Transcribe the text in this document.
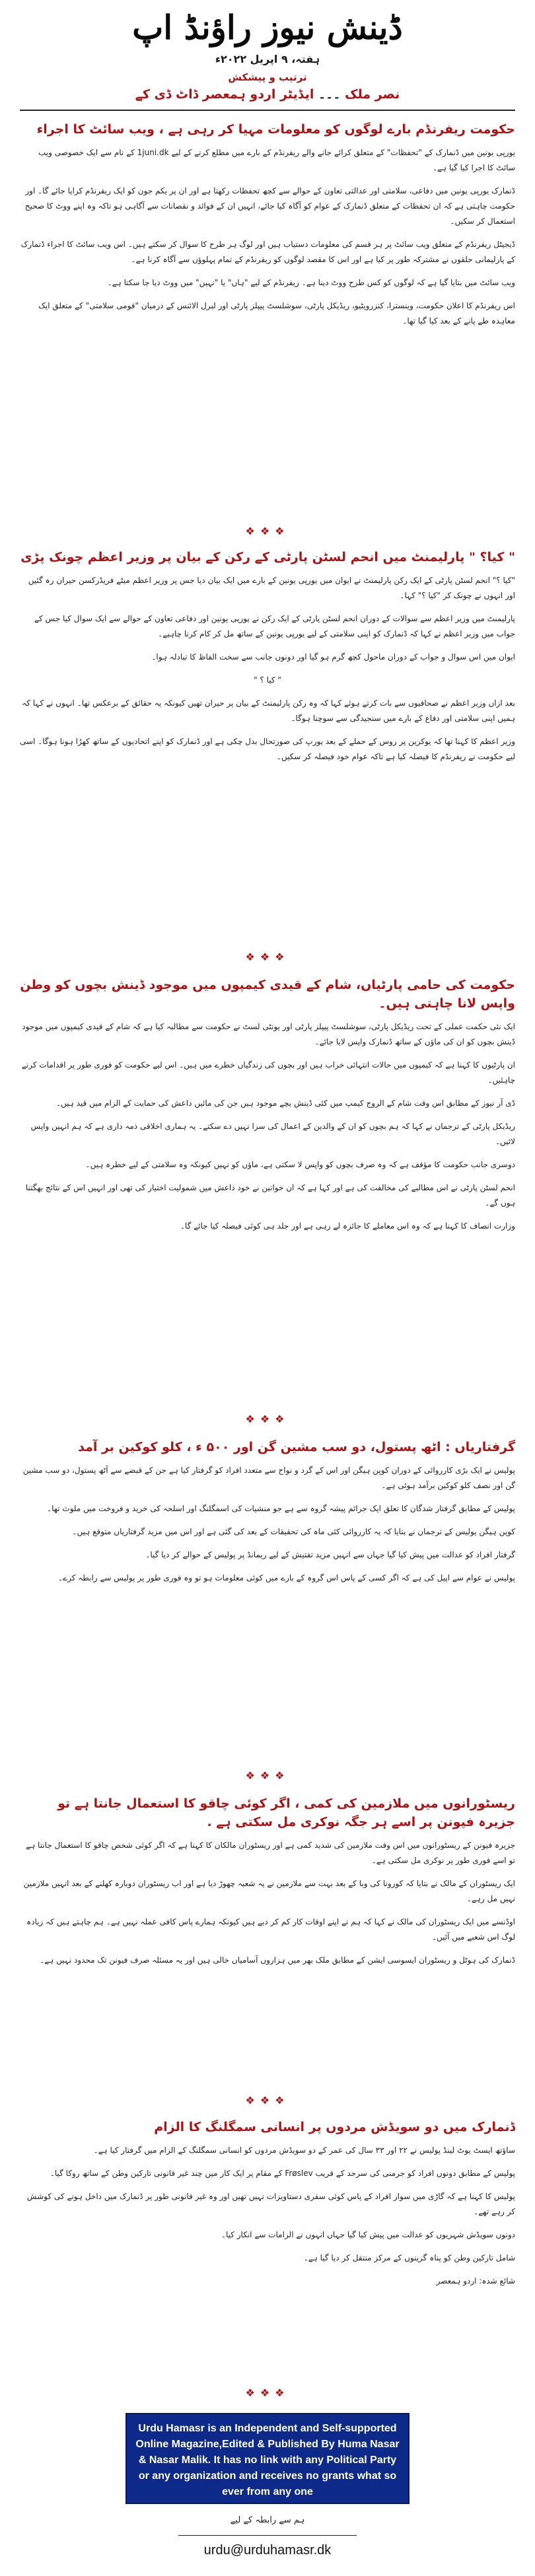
ڈینش نیوز راؤنڈ اپ
ہفتہ، ۹ اپریل ۲۰۲۲ء
ترتیب و پیشکش
نصر ملک ۔۔۔ ایڈیٹر اردو ہمعصر ڈاٹ ڈی کے
حکومت ریفرنڈم بارے لوگوں کو معلومات مہیا کر رہی ہے ، ویب سائٹ کا اجراء

یورپی یونین میں ڈنمارک کے "تحفظات" کے متعلق کرائے جانے والے ریفرنڈم کے بارے میں مطلع کرنے کے لیے 1juni.dk کے نام سے ایک خصوصی ویب سائٹ کا اجرا کیا گیا ہے۔

ڈنمارک یورپی یونین میں دفاعی، سلامتی اور عدالتی تعاون کے حوالے سے کچھ تحفظات رکھتا ہے اور ان پر یکم جون کو ایک ریفرنڈم کرایا جائے گا۔ اور حکومت چاہتی ہے کہ ان تحفظات کے متعلق ڈنمارک کے عوام کو آگاہ کیا جائے، انہیں ان کے فوائد و نقصانات سے آگاہی ہو تاکہ وہ اپنے ووٹ کا صحیح استعمال کر سکیں۔

ڈیجیٹل ریفرنڈم کے متعلق ویب سائٹ پر ہر قسم کی معلومات دستیاب ہیں اور لوگ ہر طرح کا سوال کر سکتے ہیں۔ اس ویب سائٹ کا اجراء ڈنمارک کے پارلیمانی حلقوں نے مشترکہ طور پر کیا ہے اور اس کا مقصد لوگوں کو ریفرنڈم کے تمام پہلوؤں سے آگاہ کرنا ہے۔

ویب سائٹ میں بتایا گیا ہے کہ لوگوں کو کس طرح ووٹ دینا ہے۔ ریفرنڈم کے لیے "ہاں" یا "نہیں" میں ووٹ دیا جا سکتا ہے۔

اس ریفرنڈم کا اعلان حکومت، وینسترا، کنزرویٹیو، ریڈیکل پارٹی، سوشلسٹ پیپلز پارٹی اور لبرل الائنس کے درمیان "قومی سلامتی" کے متعلق ایک معاہدہ طے پانے کے بعد کیا گیا تھا۔

❖❖❖
" کیا؟ " پارلیمنٹ میں انحم لسٹن پارٹی کے رکن کے بیان پر وزیر اعظم چونک پڑی

"کیا ؟" انحم لسٹن پارٹی کے ایک رکن پارلیمنٹ نے ایوان میں یورپی یونین کے بارے میں ایک بیان دیا جس پر وزیر اعظم میٹے فریڈرکسن حیران رہ گئیں اور انہوں نے چونک کر "کیا ؟" کہا۔

پارلیمنٹ میں وزیر اعظم سے سوالات کے دوران انحم لسٹن پارٹی کے ایک رکن نے یورپی یونین اور دفاعی تعاون کے حوالے سے ایک سوال کیا جس کے جواب میں وزیر اعظم نے کہا کہ ڈنمارک کو اپنی سلامتی کے لیے یورپی یونین کے ساتھ مل کر کام کرنا چاہیے۔

ایوان میں اس سوال و جواب کے دوران ماحول کچھ گرم ہو گیا اور دونوں جانب سے سخت الفاظ کا تبادلہ ہوا۔

" کیا ؟ "

بعد ازاں وزیر اعظم نے صحافیوں سے بات کرتے ہوئے کہا کہ وہ رکن پارلیمنٹ کے بیان پر حیران تھیں کیونکہ یہ حقائق کے برعکس تھا۔ انہوں نے کہا کہ ہمیں اپنی سلامتی اور دفاع کے بارے میں سنجیدگی سے سوچنا ہوگا۔

وزیر اعظم کا کہنا تھا کہ یوکرین پر روس کے حملے کے بعد یورپ کی صورتحال بدل چکی ہے اور ڈنمارک کو اپنے اتحادیوں کے ساتھ کھڑا ہونا ہوگا۔ اسی لیے حکومت نے ریفرنڈم کا فیصلہ کیا ہے تاکہ عوام خود فیصلہ کر سکیں۔

❖❖❖
حکومت کی حامی پارٹیاں، شام کے قیدی کیمپوں میں موجود ڈینش بچوں کو وطن واپس لانا چاہتی ہیں۔

ایک نئی حکمت عملی کے تحت ریڈیکل پارٹی، سوشلسٹ پیپلز پارٹی اور یونٹی لسٹ نے حکومت سے مطالبہ کیا ہے کہ شام کے قیدی کیمپوں میں موجود ڈینش بچوں کو ان کی ماؤں کے ساتھ ڈنمارک واپس لایا جائے۔

ان پارٹیوں کا کہنا ہے کہ کیمپوں میں حالات انتہائی خراب ہیں اور بچوں کی زندگیاں خطرے میں ہیں۔ اس لیے حکومت کو فوری طور پر اقدامات کرنے چاہئیں۔

ڈی آر نیوز کے مطابق اس وقت شام کے الروج کیمپ میں کئی ڈینش بچے موجود ہیں جن کی مائیں داعش کی حمایت کے الزام میں قید ہیں۔

ریڈیکل پارٹی کے ترجمان نے کہا کہ ہم بچوں کو ان کے والدین کے اعمال کی سزا نہیں دے سکتے۔ یہ ہماری اخلاقی ذمہ داری ہے کہ ہم انہیں واپس لائیں۔

دوسری جانب حکومت کا مؤقف ہے کہ وہ صرف بچوں کو واپس لا سکتی ہے، ماؤں کو نہیں کیونکہ وہ سلامتی کے لیے خطرہ ہیں۔

انحم لسٹن پارٹی نے اس مطالبے کی مخالفت کی ہے اور کہا ہے کہ ان خواتین نے خود داعش میں شمولیت اختیار کی تھی اور انہیں اس کے نتائج بھگتنا ہوں گے۔

وزارت انصاف کا کہنا ہے کہ وہ اس معاملے کا جائزہ لے رہی ہے اور جلد ہی کوئی فیصلہ کیا جائے گا۔

❖❖❖
گرفتاریاں : اٹھ پستول، دو سب مشین گن اور ۵۰۰ ء ، کلو کوکین بر آمد

پولیس نے ایک بڑی کارروائی کے دوران کوپن ہیگن اور اس کے گرد و نواح سے متعدد افراد کو گرفتار کیا ہے جن کے قبضے سے آٹھ پستول، دو سب مشین گن اور نصف کلو کوکین برآمد ہوئی ہے۔

پولیس کے مطابق گرفتار شدگان کا تعلق ایک جرائم پیشہ گروہ سے ہے جو منشیات کی اسمگلنگ اور اسلحہ کی خرید و فروخت میں ملوث تھا۔

کوپن ہیگن پولیس کے ترجمان نے بتایا کہ یہ کارروائی کئی ماہ کی تحقیقات کے بعد کی گئی ہے اور اس میں مزید گرفتاریاں متوقع ہیں۔

گرفتار افراد کو عدالت میں پیش کیا گیا جہاں سے انہیں مزید تفتیش کے لیے ریمانڈ پر پولیس کے حوالے کر دیا گیا۔

پولیس نے عوام سے اپیل کی ہے کہ اگر کسی کے پاس اس گروہ کے بارے میں کوئی معلومات ہو تو وہ فوری طور پر پولیس سے رابطہ کرے۔

❖❖❖
ریسٹورانوں میں ملازمین کی کمی ، اگر کوئی چاقو کا استعمال جانتا ہے تو جزیرہ فیونن پر اسے ہر جگہ نوکری مل سکتی ہے .

جزیرہ فیونن کے ریسٹورانوں میں اس وقت ملازمین کی شدید کمی ہے اور ریسٹوران مالکان کا کہنا ہے کہ اگر کوئی شخص چاقو کا استعمال جانتا ہے تو اسے فوری طور پر نوکری مل سکتی ہے۔

ایک ریسٹوران کے مالک نے بتایا کہ کورونا کی وبا کے بعد بہت سے ملازمین نے یہ شعبہ چھوڑ دیا ہے اور اب ریسٹوران دوبارہ کھلنے کے بعد انہیں ملازمین نہیں مل رہے۔

اوڈنسے میں ایک ریسٹوران کی مالک نے کہا کہ ہم نے اپنے اوقات کار کم کر دیے ہیں کیونکہ ہمارے پاس کافی عملہ نہیں ہے۔ ہم چاہتے ہیں کہ زیادہ لوگ اس شعبے میں آئیں۔

ڈنمارک کی ہوٹل و ریسٹوران ایسوسی ایشن کے مطابق ملک بھر میں ہزاروں آسامیاں خالی ہیں اور یہ مسئلہ صرف فیونن تک محدود نہیں ہے۔

❖❖❖
ڈنمارک میں دو سویڈش مردوں پر انسانی سمگلنگ کا الزام

ساؤتھ ایسٹ یوٹ لینڈ پولیس نے ۲۲ اور ۳۳ سال کی عمر کے دو سویڈش مردوں کو انسانی سمگلنگ کے الزام میں گرفتار کیا ہے۔

پولیس کے مطابق دونوں افراد کو جرمنی کی سرحد کے قریب Frøslev کے مقام پر ایک کار میں چند غیر قانونی تارکین وطن کے ساتھ روکا گیا۔

پولیس کا کہنا ہے کہ گاڑی میں سوار افراد کے پاس کوئی سفری دستاویزات نہیں تھیں اور وہ غیر قانونی طور پر ڈنمارک میں داخل ہونے کی کوشش کر رہے تھے۔

دونوں سویڈش شہریوں کو عدالت میں پیش کیا گیا جہاں انہوں نے الزامات سے انکار کیا۔

شامل تارکین وطن کو پناہ گزینوں کے مرکز منتقل کر دیا گیا ہے۔

شائع شدہ: اردو ہمعصر

❖❖❖
Urdu Hamasr is an Independent and Self-supported Online Magazine,Edited & Published By Huma Nasar & Nasar Malik. It has no link with any Political Party or any organization and receives no grants what so ever from any one
ہم سے رابطہ کے لیے
urdu@urduhamasr.dk
